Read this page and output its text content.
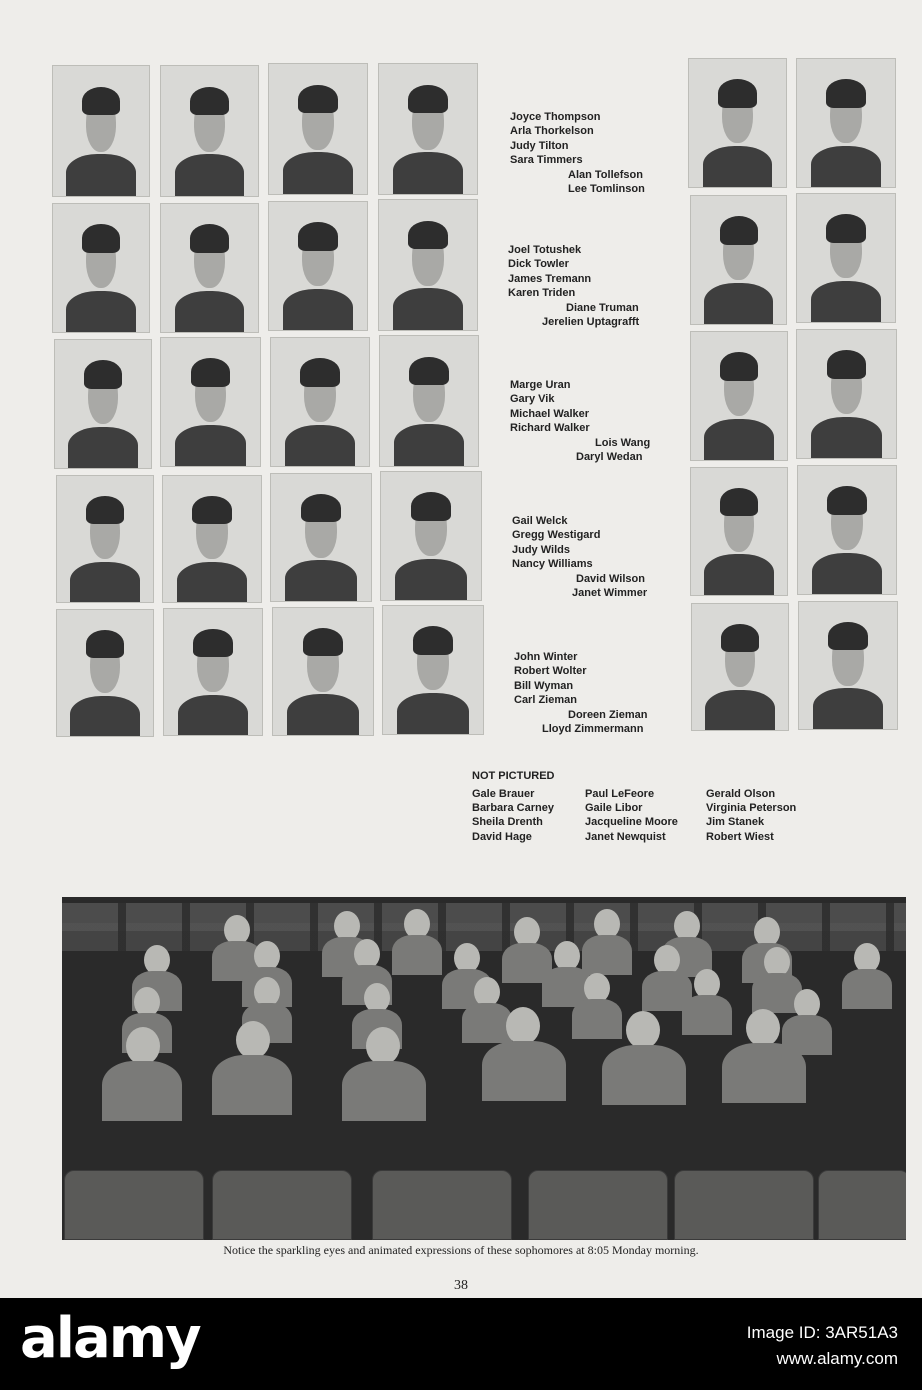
Joyce Thompson
Arla Thorkelson
Judy Tilton
Sara Timmers
Alan Tollefson
Lee Tomlinson
Joel Totushek
Dick Towler
James Tremann
Karen Triden
Diane Truman
Jerelien Uptagrafft
Marge Uran
Gary Vik
Michael Walker
Richard Walker
Lois Wang
Daryl Wedan
Gail Welck
Gregg Westigard
Judy Wilds
Nancy Williams
David Wilson
Janet Wimmer
John Winter
Robert Wolter
Bill Wyman
Carl Zieman
Doreen Zieman
Lloyd Zimmermann
NOT PICTURED
Gale Brauer
Barbara Carney
Sheila Drenth
David Hage
Paul LeFeore
Gaile Libor
Jacqueline Moore
Janet Newquist
Gerald Olson
Virginia Peterson
Jim Stanek
Robert Wiest
Notice the sparkling eyes and animated expressions of these sophomores at 8:05 Monday morning.
38
alamy	Image ID: 3AR51A3
www.alamy.com
